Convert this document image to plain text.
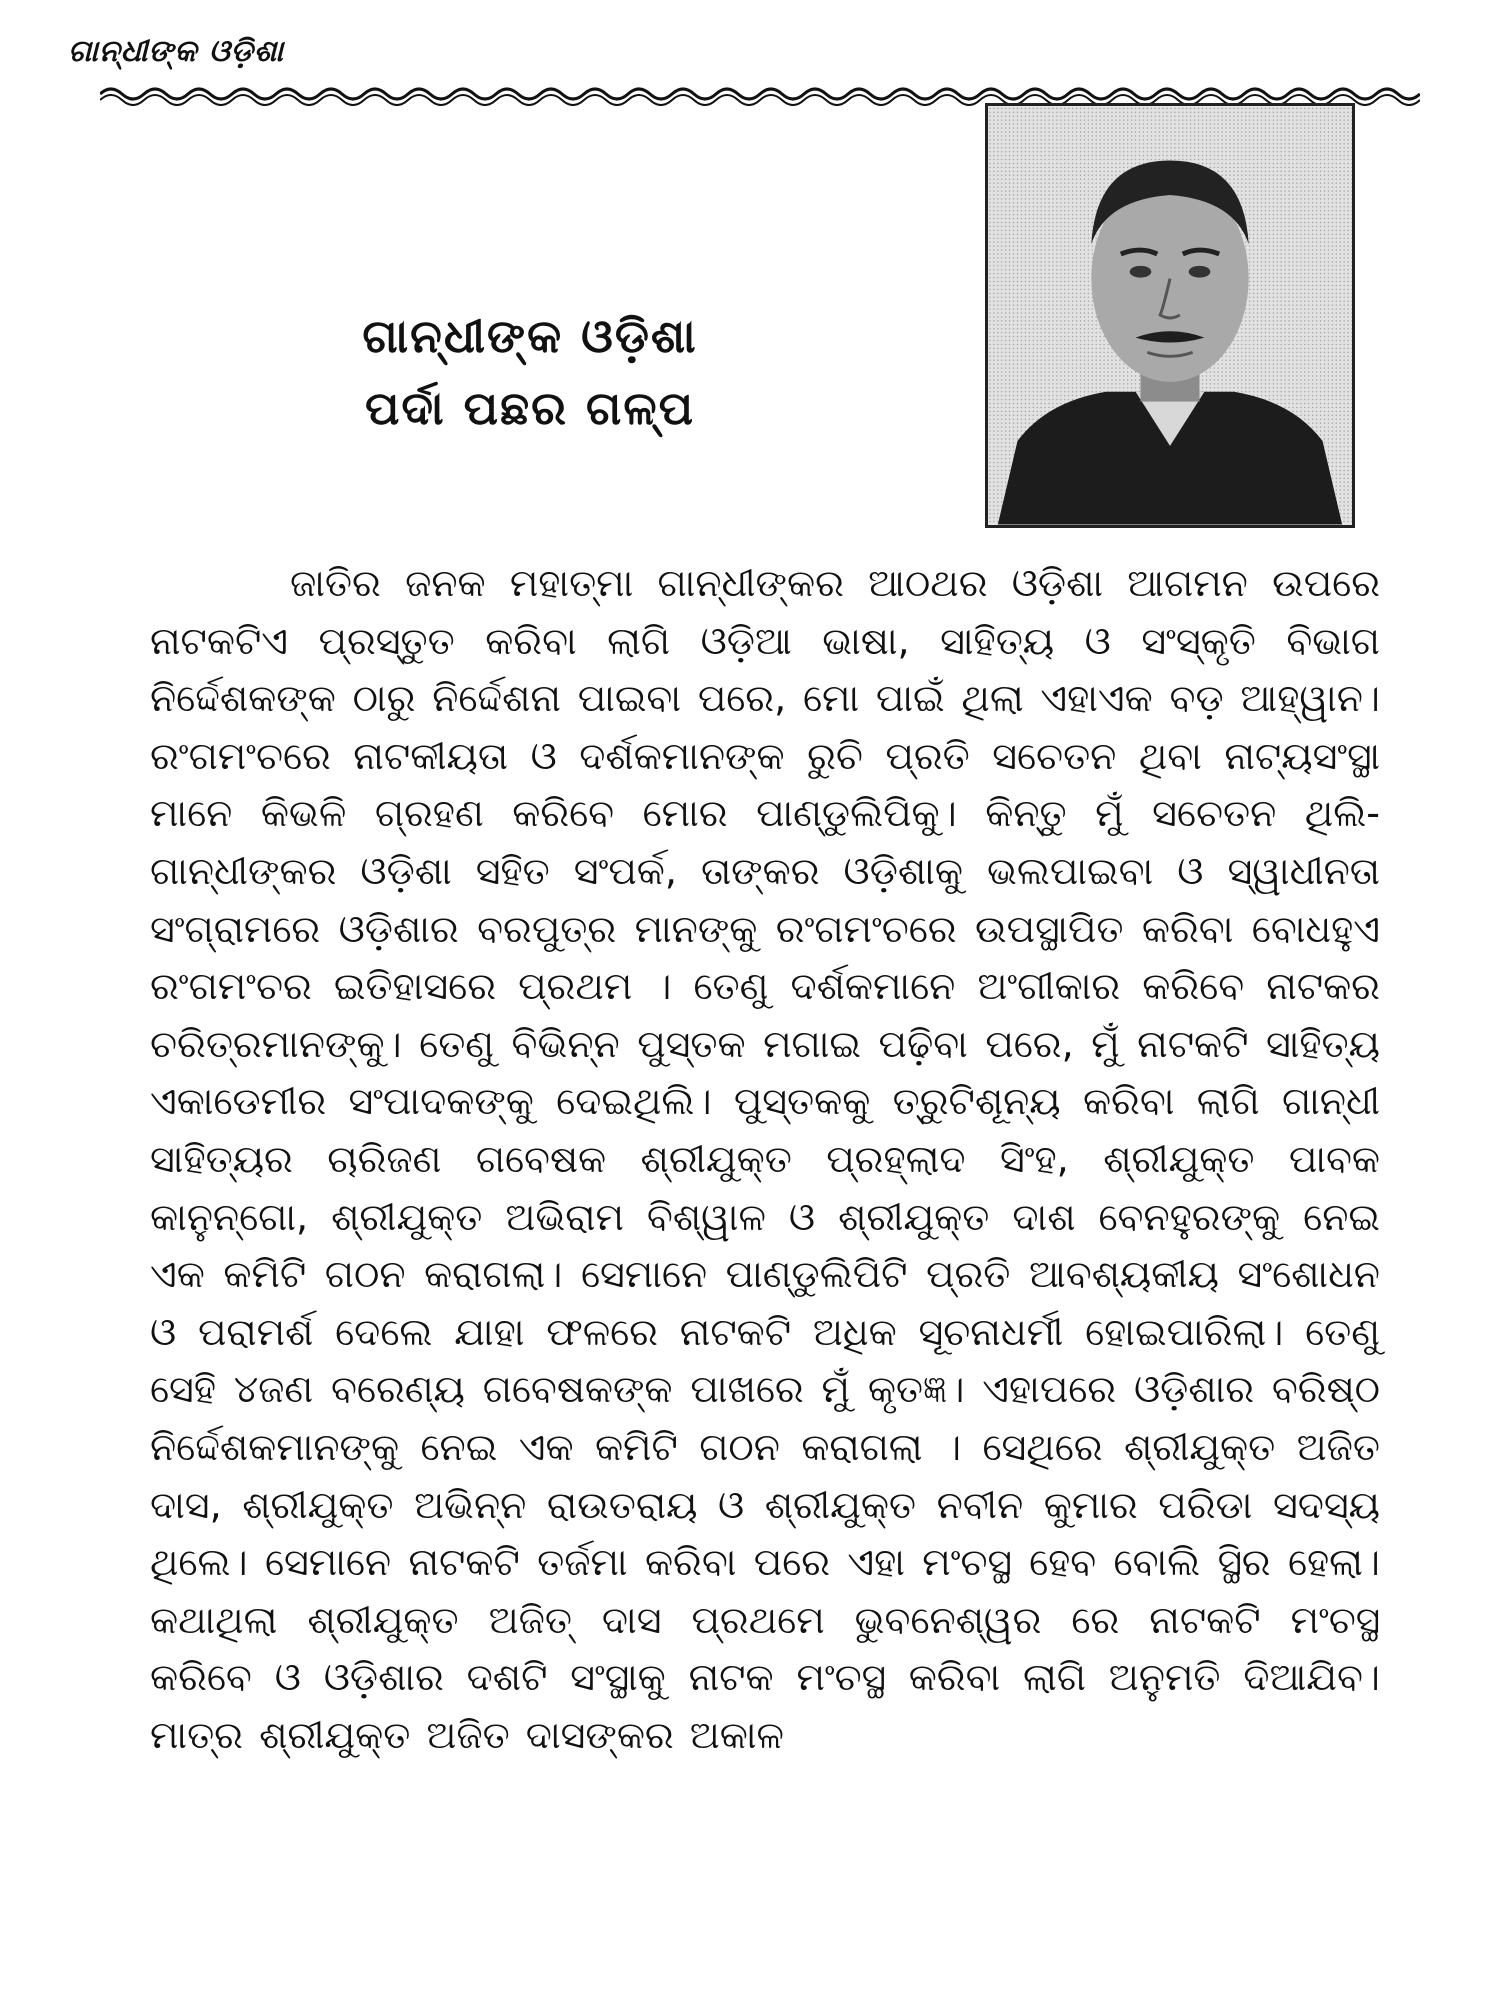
ଗାନ୍ଧୀଙ୍କ ଓଡ଼ିଶା
ଗାନ୍ଧୀଙ୍କ ଓଡ଼ିଶା
ପର୍ଦା ପଛର ଗଳ୍ପ

ଜାତିର ଜନକ ମହାତ୍ମା ଗାନ୍ଧୀଙ୍କର ଆଠଥର ଓଡ଼ିଶା ଆଗମନ ଉପରେ ନାଟକଟିଏ ପ୍ରସ୍ତୁତ କରିବା ଲାଗି ଓଡ଼ିଆ ଭାଷା, ସାହିତ୍ୟ ଓ ସଂସ୍କୃତି ବିଭାଗ ନିର୍ଦ୍ଦେଶକଙ୍କ ଠାରୁ ନିର୍ଦ୍ଦେଶନା ପାଇବା ପରେ, ମୋ ପାଇଁ ଥିଲା ଏହାଏକ ବଡ଼ ଆହ୍ୱାନ। ରଂଗମଂଚରେ ନାଟକୀୟତା ଓ ଦର୍ଶକମାନଙ୍କ ରୁଚି ପ୍ରତି ସଚେତନ ଥିବା ନାଟ୍ୟସଂସ୍ଥା ମାନେ କିଭଳି ଗ୍ରହଣ କରିବେ ମୋର ପାଣ୍ଡୁଲିପିକୁ। କିନ୍ତୁ ମୁଁ ସଚେତନ ଥିଲି-ଗାନ୍ଧୀଙ୍କର ଓଡ଼ିଶା ସହିତ ସଂପର୍କ, ତାଙ୍କର ଓଡ଼ିଶାକୁ ଭଲପାଇବା ଓ ସ୍ୱାଧୀନତା ସଂଗ୍ରାମରେ ଓଡ଼ିଶାର ବରପୁତ୍ର ମାନଙ୍କୁ ରଂଗମଂଚରେ ଉପସ୍ଥାପିତ କରିବା ବୋଧହୁଏ ରଂଗମଂଚର ଇତିହାସରେ ପ୍ରଥମ । ତେଣୁ ଦର୍ଶକମାନେ ଅଂଗୀକାର କରିବେ ନାଟକର ଚରିତ୍ରମାନଙ୍କୁ। ତେଣୁ ବିଭିନ୍ନ ପୁସ୍ତକ ମଗାଇ ପଢ଼ିବା ପରେ, ମୁଁ ନାଟକଟି ସାହିତ୍ୟ ଏକାଡେମୀର ସଂପାଦକଙ୍କୁ ଦେଇଥିଲି। ପୁସ୍ତକକୁ ତ୍ରୁଟିଶୂନ୍ୟ କରିବା ଲାଗି ଗାନ୍ଧୀ ସାହିତ୍ୟର ଚାରିଜଣ ଗବେଷକ ଶ୍ରୀଯୁକ୍ତ ପ୍ରହ୍ଲାଦ ସିଂହ, ଶ୍ରୀଯୁକ୍ତ ପାବକ କାନୁନ୍‌ଗୋ, ଶ୍ରୀଯୁକ୍ତ ଅଭିରାମ ବିଶ୍ୱାଳ ଓ ଶ୍ରୀଯୁକ୍ତ ଦାଶ ବେନହୁରଙ୍କୁ ନେଇ ଏକ କମିଟି ଗଠନ କରାଗଲା। ସେମାନେ ପାଣ୍ଡୁଲିପିଟି ପ୍ରତି ଆବଶ୍ୟକୀୟ ସଂଶୋଧନ ଓ ପରାମର୍ଶ ଦେଲେ ଯାହା ଫଳରେ ନାଟକଟି ଅଧିକ ସୂଚନାଧର୍ମୀ ହୋଇପାରିଲା। ତେଣୁ ସେହି ୪ଜଣ ବରେଣ୍ୟ ଗବେଷକଙ୍କ ପାଖରେ ମୁଁ କୃତଜ୍ଞ। ଏହାପରେ ଓଡ଼ିଶାର ବରିଷ୍ଠ ନିର୍ଦ୍ଦେଶକମାନଙ୍କୁ ନେଇ ଏକ କମିଟି ଗଠନ କରାଗଲା । ସେଥିରେ ଶ୍ରୀଯୁକ୍ତ ଅଜିତ ଦାସ, ଶ୍ରୀଯୁକ୍ତ ଅଭିନ୍ନ ରାଉତରାୟ ଓ ଶ୍ରୀଯୁକ୍ତ ନବୀନ କୁମାର ପରିଡା ସଦସ୍ୟ ଥିଲେ। ସେମାନେ ନାଟକଟି ତର୍ଜମା କରିବା ପରେ ଏହା ମଂଚସ୍ଥ ହେବ ବୋଲି ସ୍ଥିର ହେଲା। କଥାଥିଲା ଶ୍ରୀଯୁକ୍ତ ଅଜିତ୍ ଦାସ ପ୍ରଥମେ ଭୁବନେଶ୍ୱର ରେ ନାଟକଟି ମଂଚସ୍ଥ କରିବେ ଓ ଓଡ଼ିଶାର ଦଶଟି ସଂସ୍ଥାକୁ ନାଟକ ମଂଚସ୍ଥ କରିବା ଲାଗି ଅନୁମତି ଦିଆଯିବ। ମାତ୍ର ଶ୍ରୀଯୁକ୍ତ ଅଜିତ ଦାସଙ୍କର ଅକାଳ
